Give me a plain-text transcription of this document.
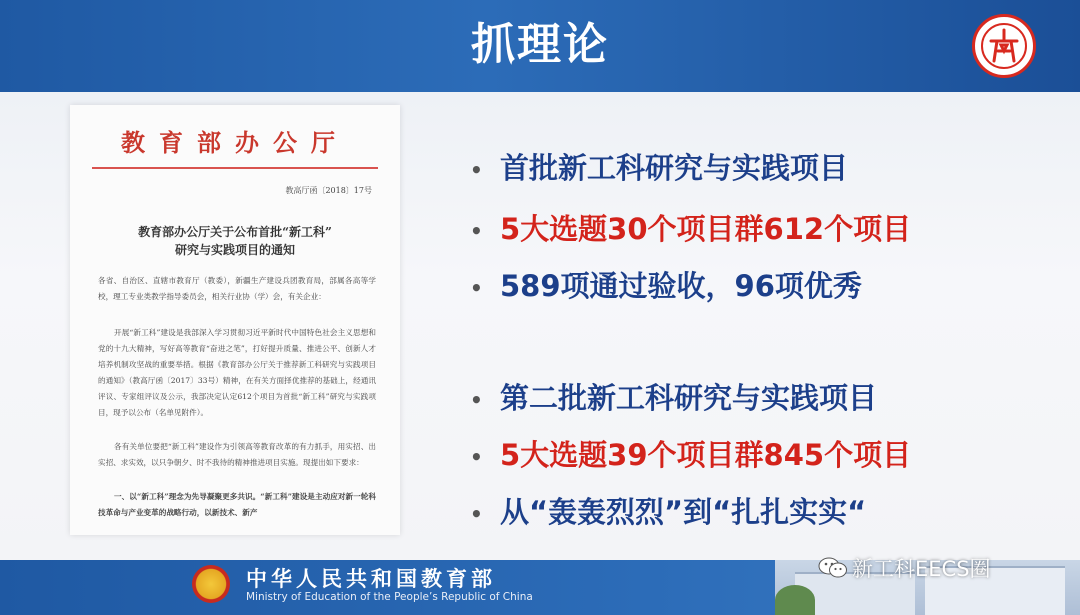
抓理论
教育部办公厅
教高厅函〔2018〕17号
教育部办公厅关于公布首批“新工科”
研究与实践项目的通知
各省、自治区、直辖市教育厅（教委），新疆生产建设兵团教育局，部属各高等学校，理工专业类教学指导委员会，相关行业协（学）会，有关企业：
开展“新工科”建设是我部深入学习贯彻习近平新时代中国特色社会主义思想和党的十九大精神，写好高等教育“奋进之笔”，打好提升质量、推进公平、创新人才培养机制攻坚战的重要举措。根据《教育部办公厅关于推荐新工科研究与实践项目的通知》（教高厅函〔2017〕33号）精神，在有关方面择优推荐的基础上，经通讯评议、专家组评议及公示，我部决定认定612个项目为首批“新工科”研究与实践项目，现予以公布（名单见附件）。
各有关单位要把“新工科”建设作为引领高等教育改革的有力抓手，用实招、出实招、求实效，以只争朝夕、时不我待的精神推进项目实施。现提出如下要求：
一、以“新工科”理念为先导凝聚更多共识。“新工科”建设是主动应对新一轮科技革命与产业变革的战略行动，以新技术、新产
• 首批新工科研究与实践项目
• 5大选题30个项目群612个项目
• 589项通过验收，96项优秀
• 第二批新工科研究与实践项目
• 5大选题39个项目群845个项目
• 从“轰轰烈烈”到“扎扎实实“
中华人民共和国教育部
Ministry of Education of the People’s Republic of China
新工科EECS圈
